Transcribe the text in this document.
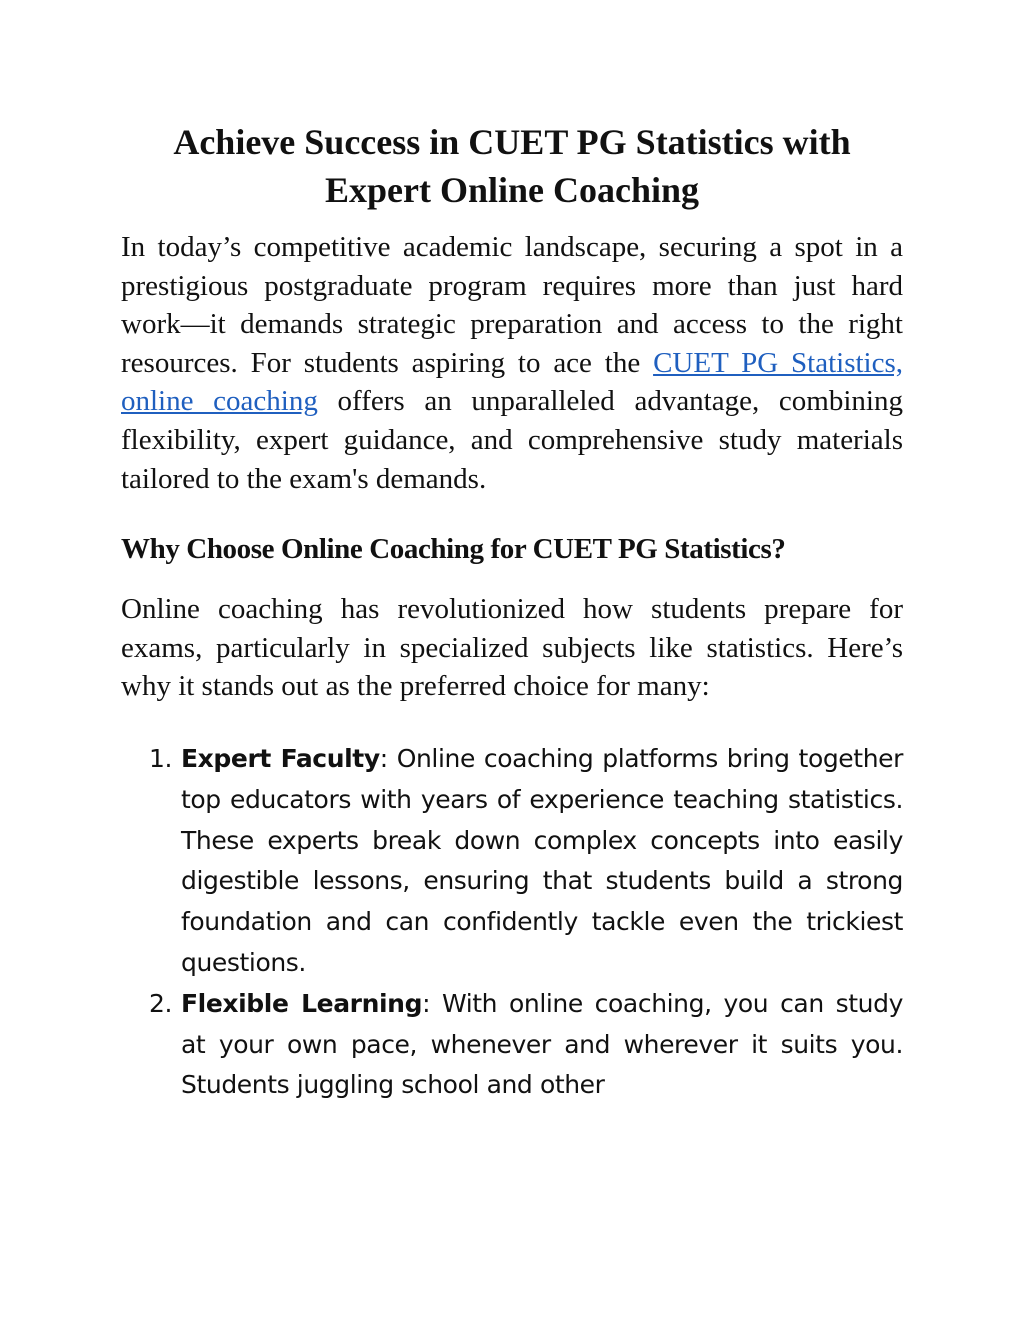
Achieve Success in CUET PG Statistics with
Expert Online Coaching

In today’s competitive academic landscape, securing a spot in a prestigious postgraduate program requires more than just hard work—it demands strategic preparation and access to the right resources. For students aspiring to ace the CUET PG Statistics, online coaching offers an unparalleled advantage, combining flexibility, expert guidance, and comprehensive study materials tailored to the exam's demands.

Why Choose Online Coaching for CUET PG Statistics?

Online coaching has revolutionized how students prepare for exams, particularly in specialized subjects like statistics. Here’s why it stands out as the preferred choice for many:

1. Expert Faculty: Online coaching platforms bring together top educators with years of experience teaching statistics. These experts break down complex concepts into easily digestible lessons, ensuring that students build a strong foundation and can confidently tackle even the trickiest questions.
2. Flexible Learning: With online coaching, you can study at your own pace, whenever and wherever it suits you. Students juggling school and other
